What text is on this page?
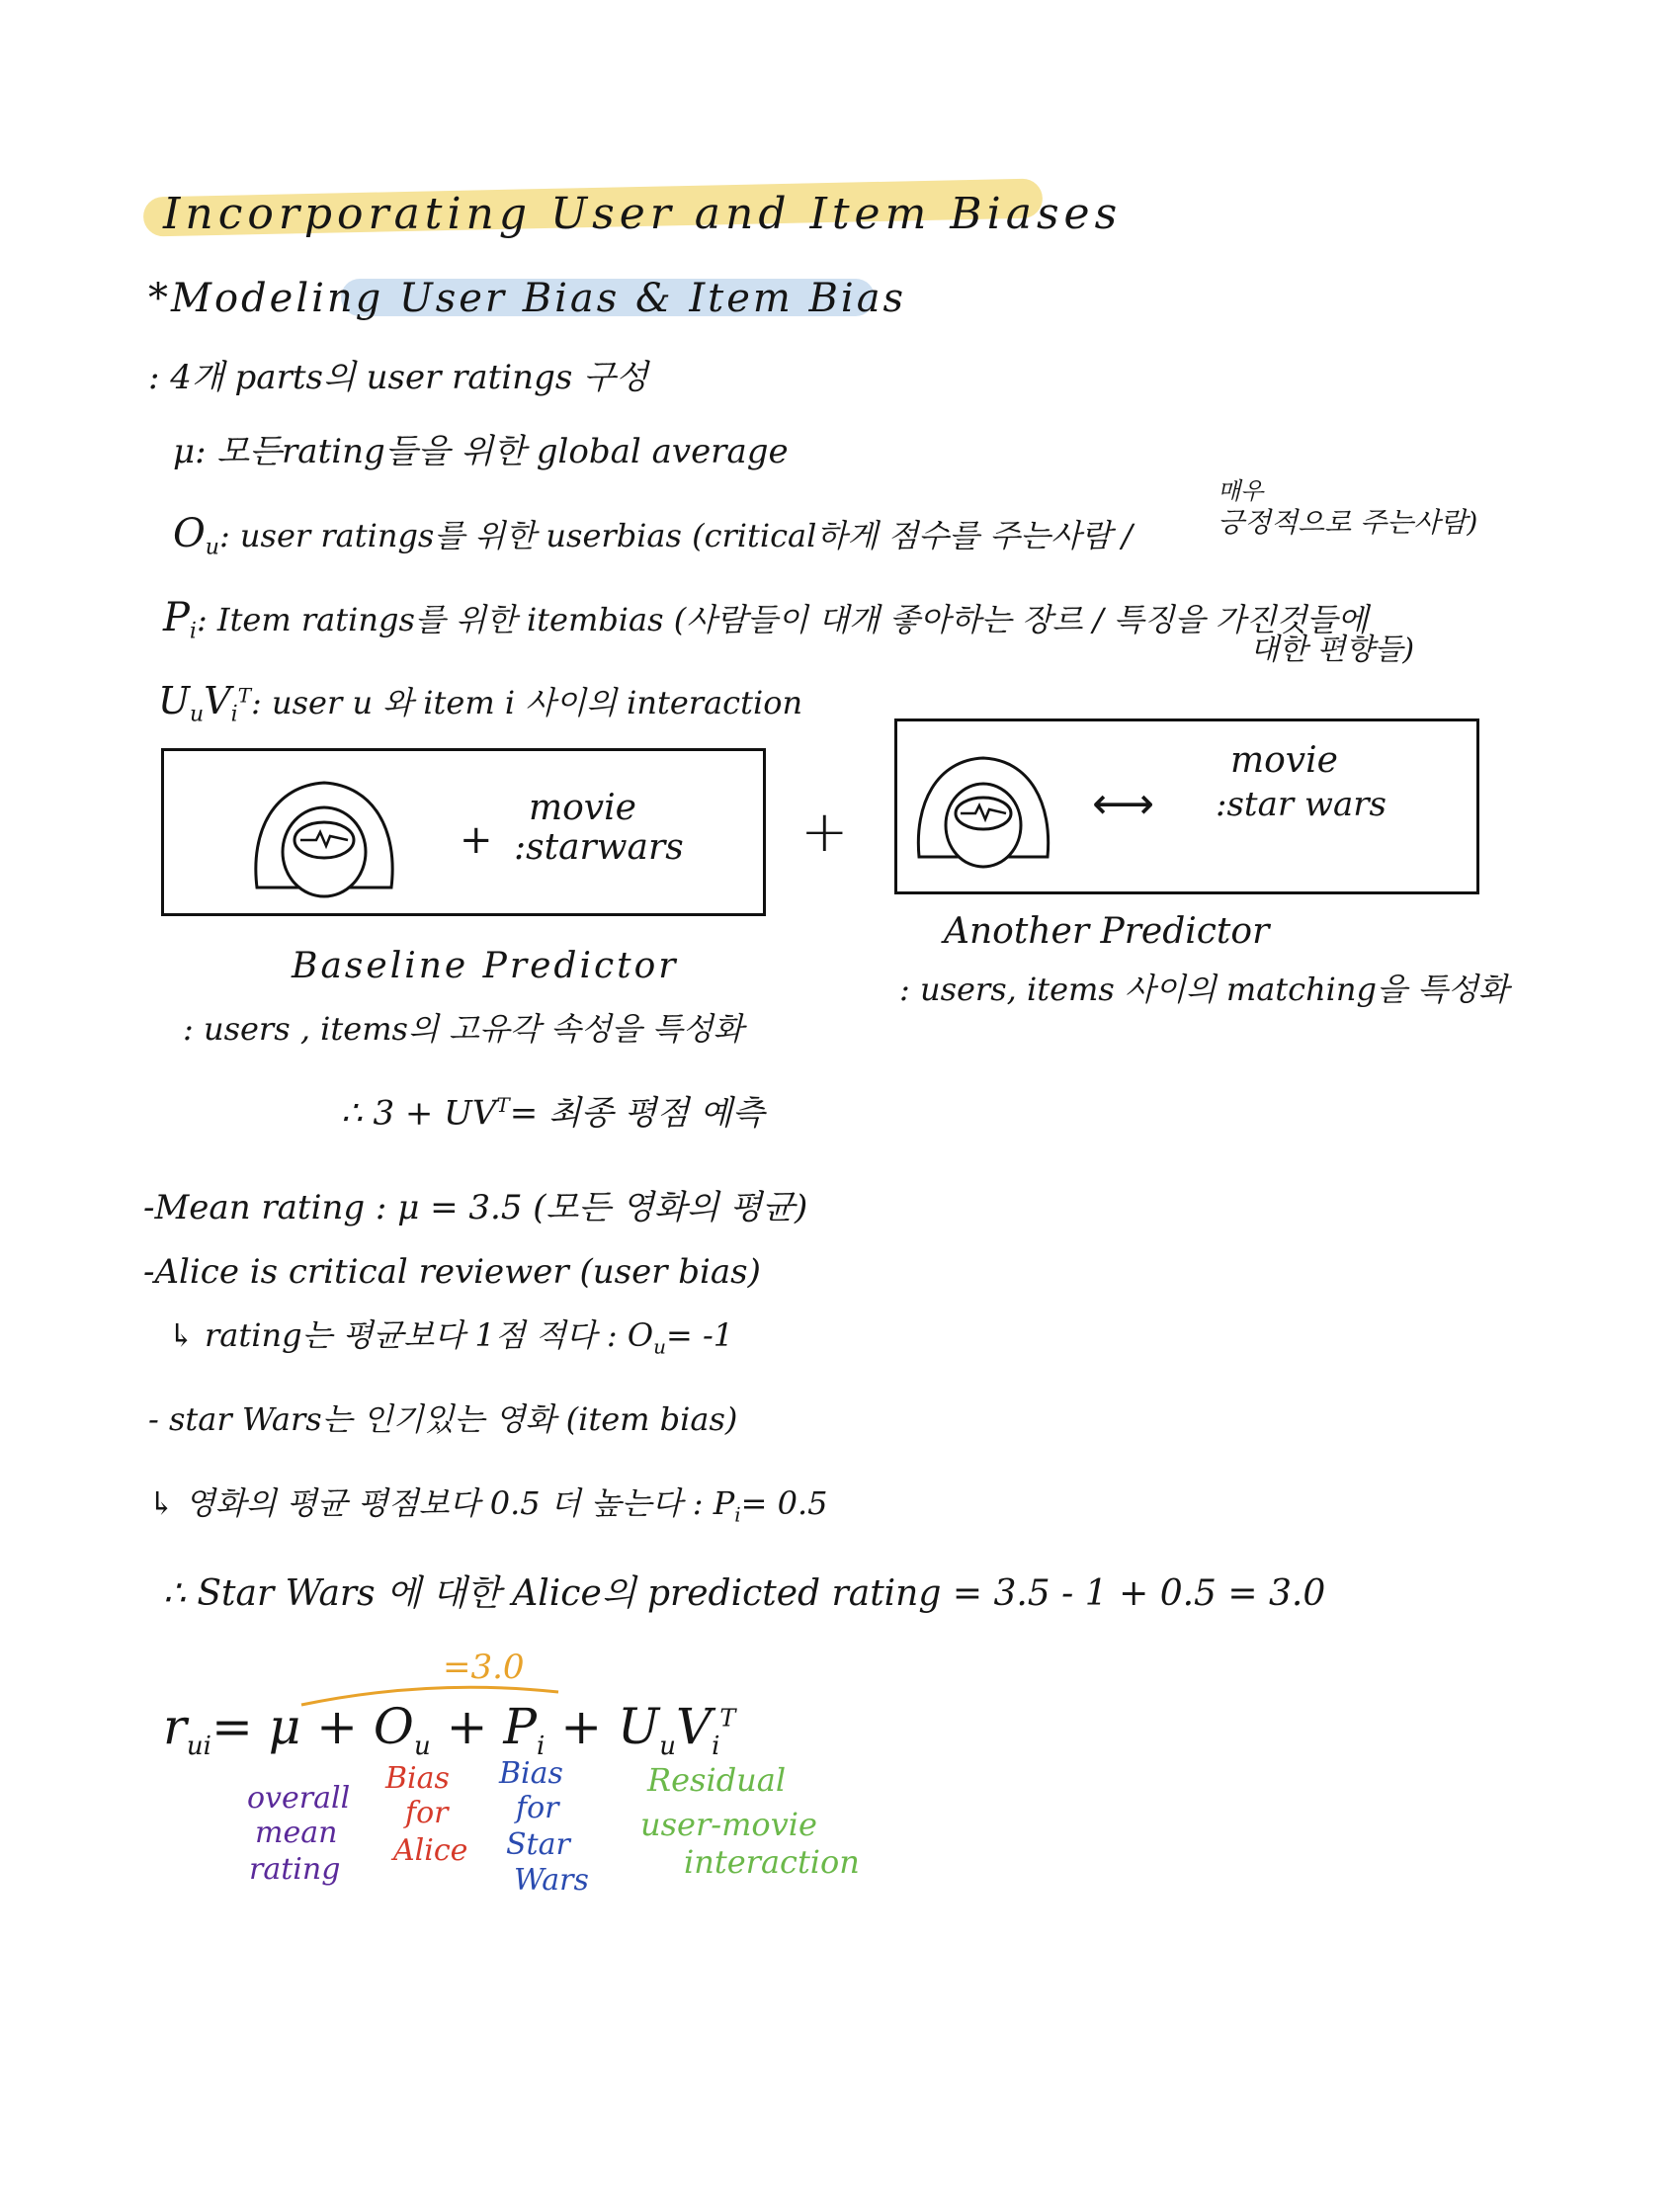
Incorporating User and Item Biases
*Modeling User Bias & Item Bias
: 4개 parts의 user ratings 구성
μ: 모든rating들을 위한 global average
$O_u$: user ratings를 위한 userbias (critical하게 점수를 주는사람 /
매우
긍정적으로 주는사람)
$P_i$: Item ratings를 위한 itembias (사람들이 대개 좋아하는 장르 / 특징을 가진것들에
대한 편향들)
$U_uV_i^T$: user u 와 item i 사이의 interaction
+
movie
:starwars +	⟷
movie
:star wars
Baseline Predictor
: users , items의 고유각 속성을 특성화
Another Predictor
: users, items 사이의 matching을 특성화
∴ $3 + UV^T=$ 최종 평점 예측
-Mean rating : μ = 3.5 (모든 영화의 평균)
-Alice is critical reviewer (user bias)
↳ rating는 평균보다 1점 적다 : $O_u= -1$
- star Wars는 인기있는 영화 (item bias)
↳ 영화의 평균 평점보다 0.5 더 높는다 : $P_i= 0.5$
∴ Star Wars 에 대한 Alice의 predicted rating = 3.5 - 1 + 0.5 = 3.0
=3.0
$r_{ui}= \mu + O_u + P_i + U_uV_i^T$
overall
mean
rating
Bias
for
Alice
Bias
for
Star
Wars
Residual
user-movie
interaction
